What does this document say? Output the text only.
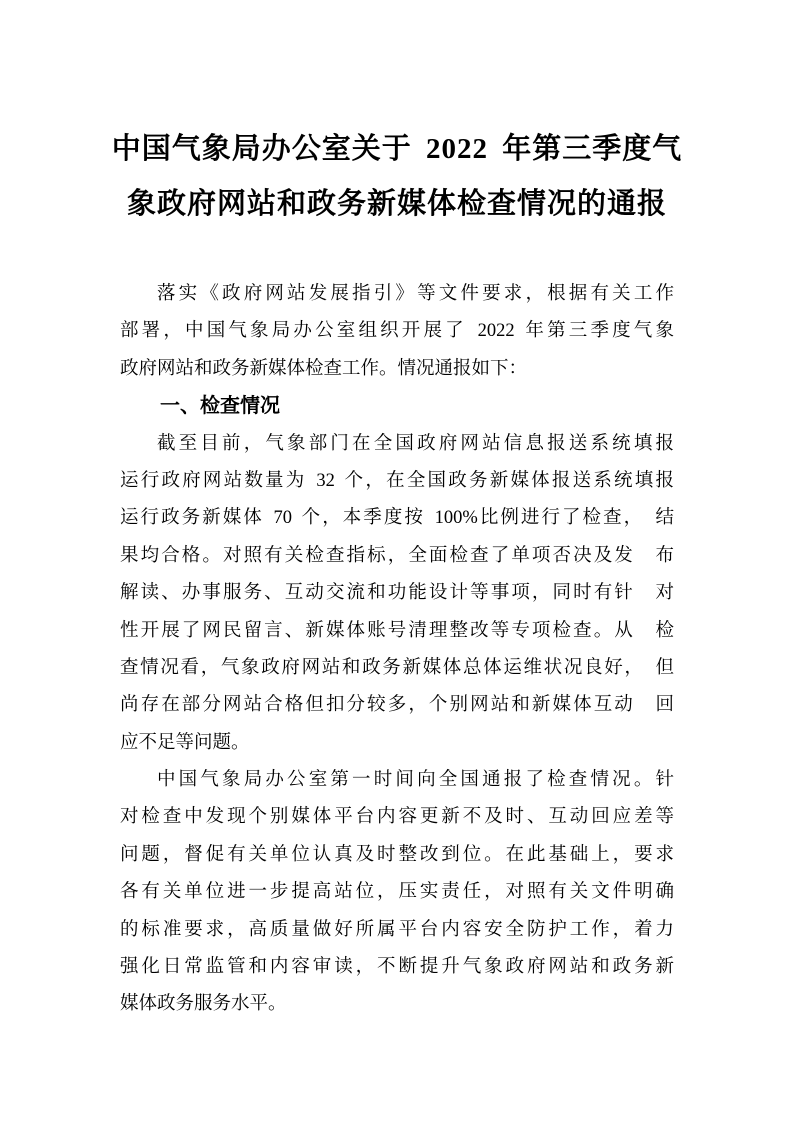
中国气象局办公室关于 2022 年第三季度气
象政府网站和政务新媒体检查情况的通报
落实《政府网站发展指引》等文件要求，根据有关工作
部署，中国气象局办公室组织开展了 2022 年第三季度气象
政府网站和政务新媒体检查工作。情况通报如下：
一、检查情况
截至目前，气象部门在全国政府网站信息报送系统填报
运行政府网站数量为 32 个，在全国政务新媒体报送系统填报
运行政务新媒体 70 个，本季度按 100%比例进行了检查，　结
果均合格。对照有关检查指标，全面检查了单项否决及发　布
解读、办事服务、互动交流和功能设计等事项，同时有针　对
性开展了网民留言、新媒体账号清理整改等专项检查。从　检
查情况看，气象政府网站和政务新媒体总体运维状况良好，　但
尚存在部分网站合格但扣分较多，个别网站和新媒体互动　回
应不足等问题。
中国气象局办公室第一时间向全国通报了检查情况。针
对检查中发现个别媒体平台内容更新不及时、互动回应差等
问题，督促有关单位认真及时整改到位。在此基础上，要求
各有关单位进一步提高站位，压实责任，对照有关文件明确
的标准要求，高质量做好所属平台内容安全防护工作，着力
强化日常监管和内容审读，不断提升气象政府网站和政务新
媒体政务服务水平。
